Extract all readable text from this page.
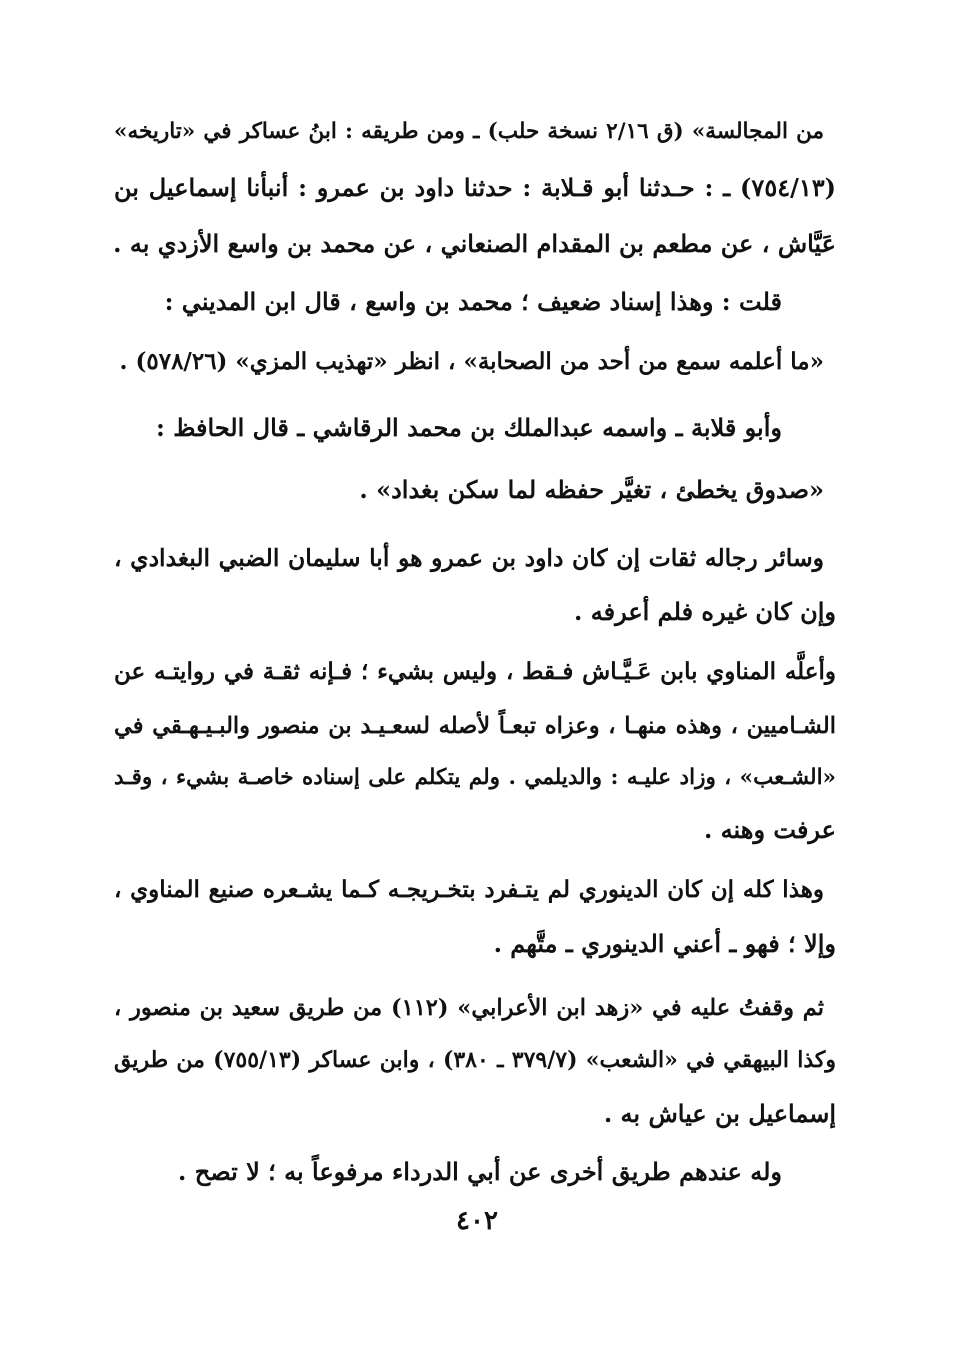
من المجالسة» (ق ٢/١٦ نسخة حلب) ـ ومن طريقه : ابنُ عساكر في «تاريخه»
(٧٥٤/١٣) ـ : حـدثنا أبو قـلابة : حدثنا داود بن عمرو : أنبأنا إسماعيل بن
عَيَّاش ، عن مطعم بن المقدام الصنعاني ، عن محمد بن واسع الأزدي به .
قلت : وهذا إسناد ضعيف ؛ محمد بن واسع ، قال ابن المديني :
«ما أعلمه سمع من أحد من الصحابة» ، انظر «تهذيب المزي» (٥٧٨/٢٦) .
وأبو قلابة ـ واسمه عبدالملك بن محمد الرقاشي ـ قال الحافظ :
«صدوق يخطئ ، تغيَّر حفظه لما سكن بغداد» .
وسائر رجاله ثقات إن كان داود بن عمرو هو أبا سليمان الضبي البغدادي ،
وإن كان غيره فلم أعرفه .
وأعلَّه المناوي بابن عَـيَّـاش فـقط ، وليس بشيء ؛ فـإنه ثقـة في روايتـه عن
الشـاميين ، وهذه منهـا ، وعزاه تبعـاً لأصله لسعـيـد بن منصور والبـيـهـقي في
«الشـعب» ، وزاد عليـه : والديلمي . ولم يتكلم على إسناده خاصـة بشيء ، وقـد
عرفت وهنه .
وهذا كله إن كان الدينوري لم يتـفرد بتخـريجـه كـما يشـعره صنيع المناوي ،
وإلا ؛ فهو ـ أعني الدينوري ـ متَّهم .
ثم وقفتُ عليه في «زهد ابن الأعرابي» (١١٢) من طريق سعيد بن منصور ،
وكذا البيهقي في «الشعب» (٣٧٩/٧ ـ ٣٨٠) ، وابن عساكر (٧٥٥/١٣) من طريق
إسماعيل بن عياش به .
وله عندهم طريق أخرى عن أبي الدرداء مرفوعاً به ؛ لا تصح .
٤٠٢
